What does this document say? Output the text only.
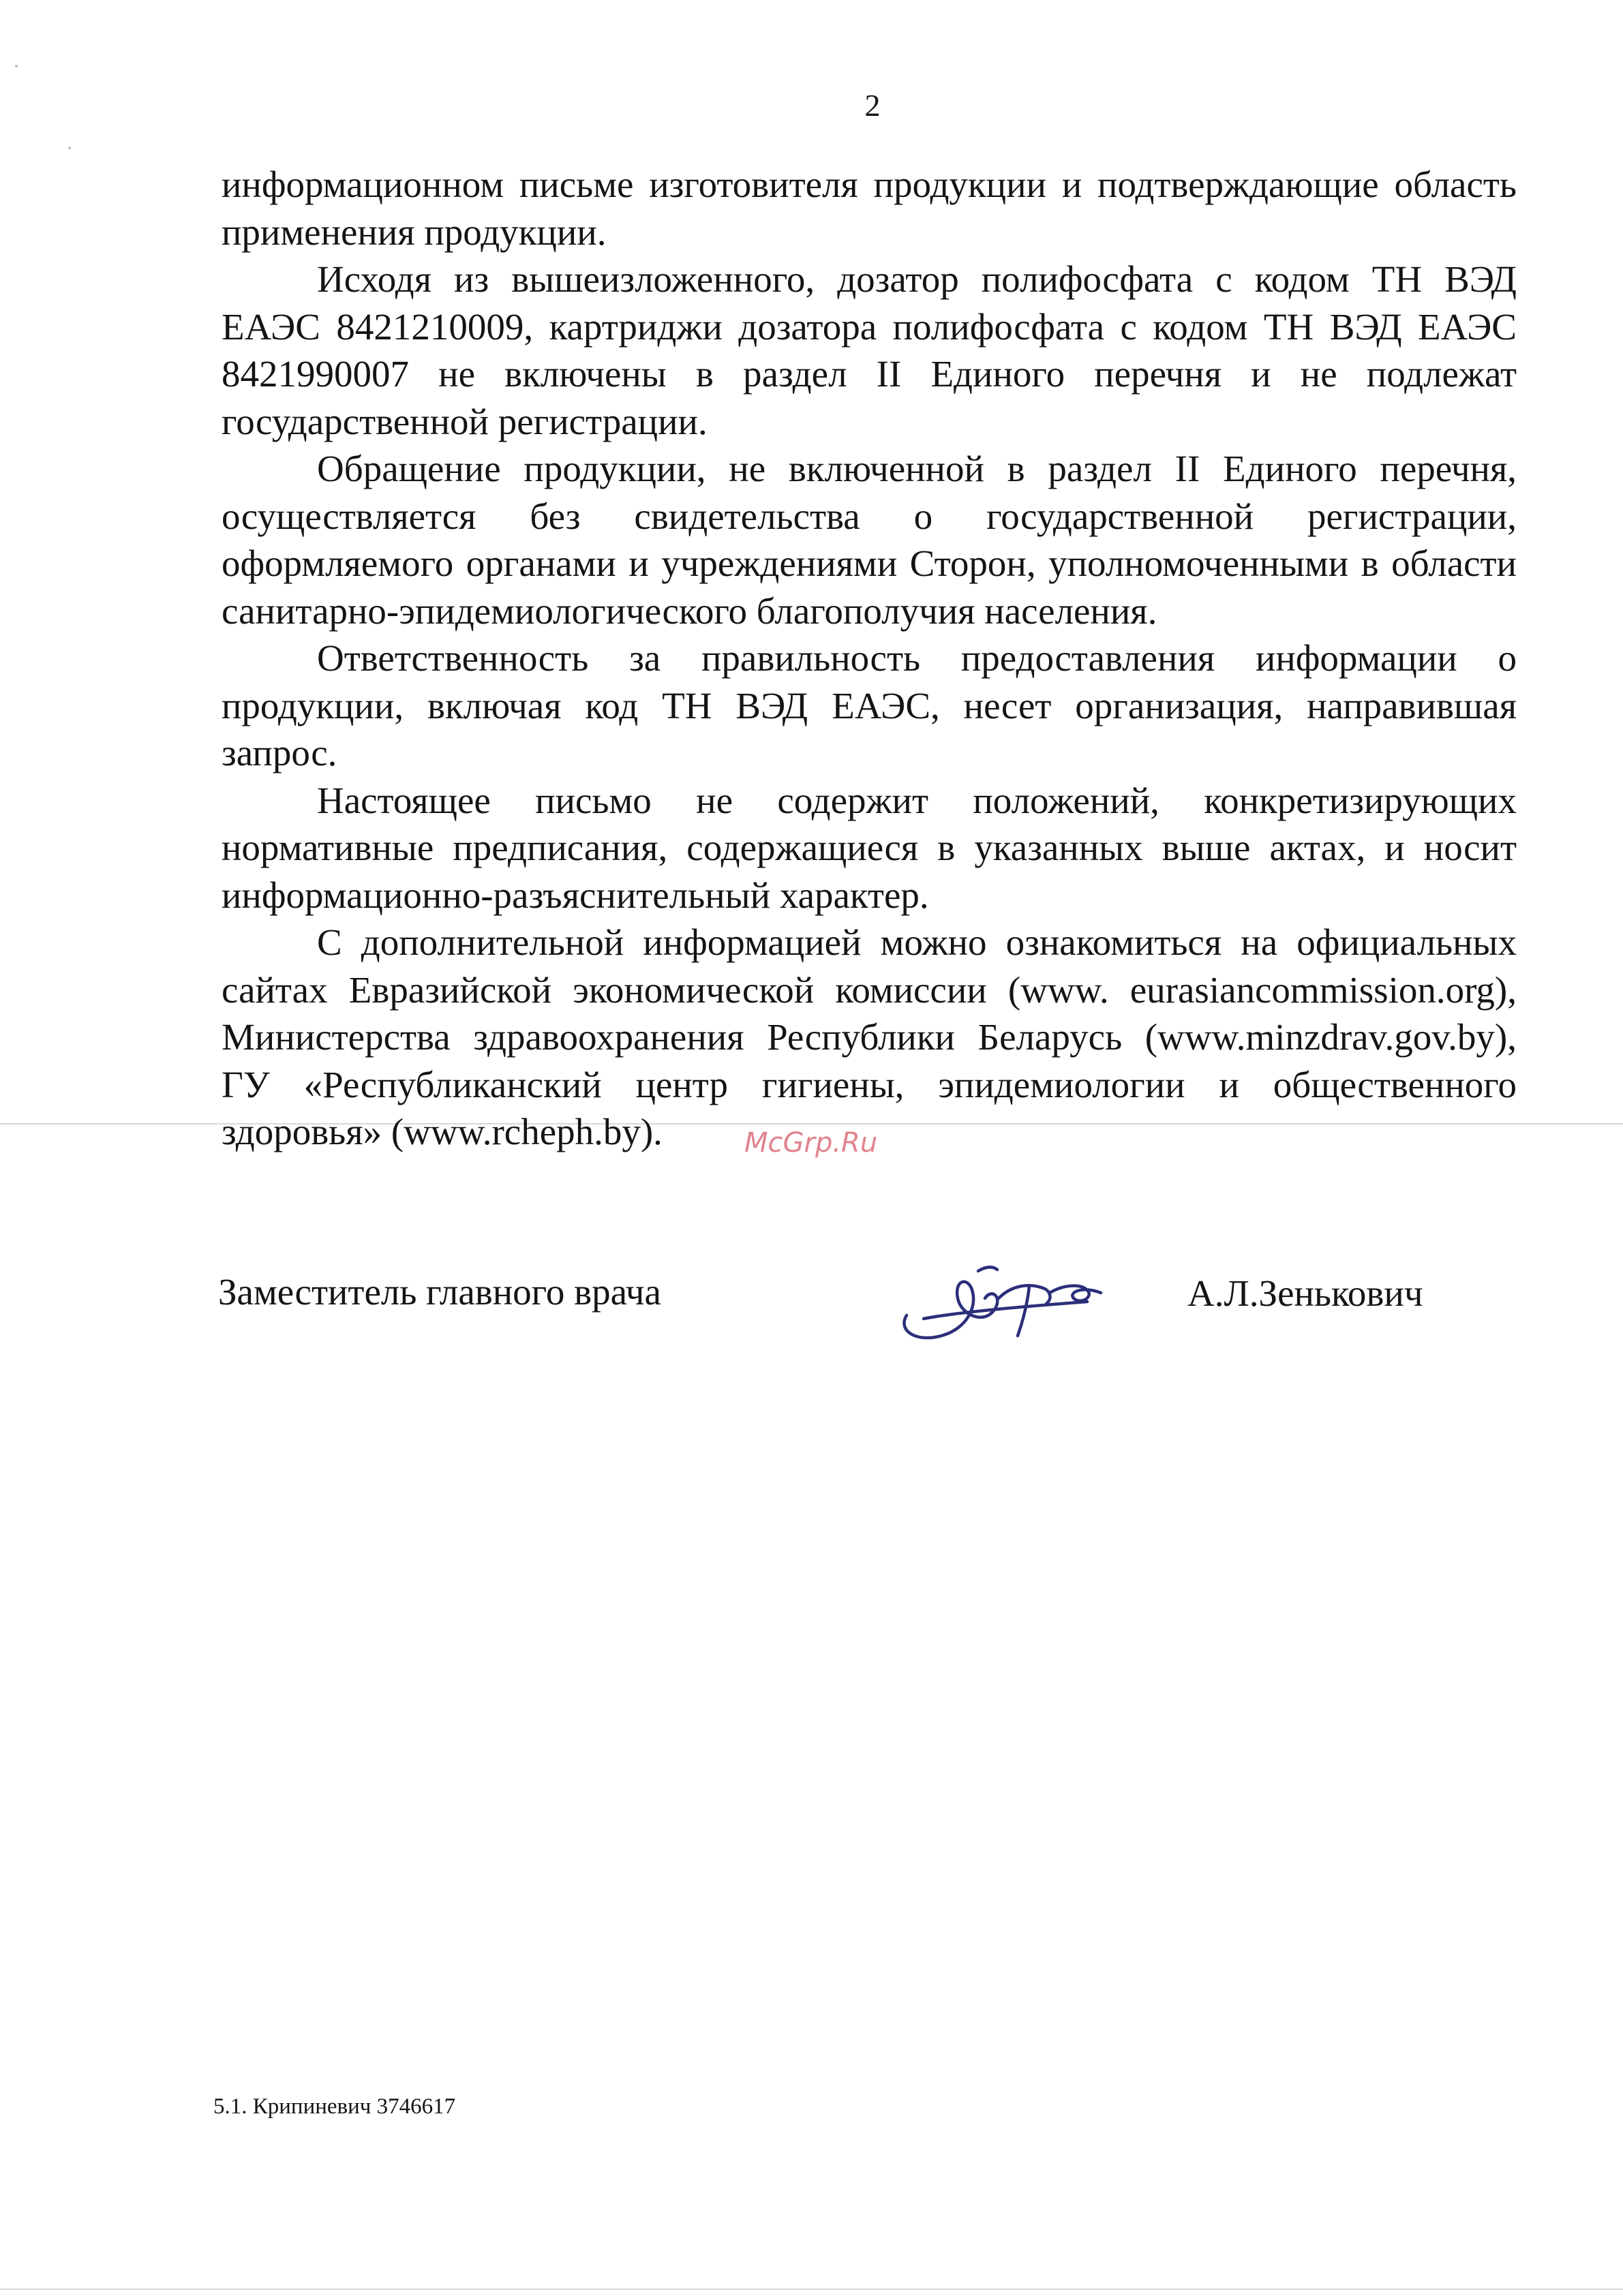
2

информационном письме изготовителя продукции и подтверждающие область применения продукции.

Исходя из вышеизложенного, дозатор полифосфата с кодом ТН ВЭД ЕАЭС 8421210009, картриджи дозатора полифосфата с кодом ТН ВЭД ЕАЭС 8421990007 не включены в раздел II Единого перечня и не подлежат государственной регистрации.

Обращение продукции, не включенной в раздел II Единого перечня, осуществляется без свидетельства о государственной регистрации, оформляемого органами и учреждениями Сторон, уполномоченными в области санитарно-эпидемиологического благополучия населения.

Ответственность за правильность предоставления информации о продукции, включая код ТН ВЭД ЕАЭС, несет организация, направившая запрос.

Настоящее письмо не содержит положений, конкретизирующих нормативные предписания, содержащиеся в указанных выше актах, и носит информационно-разъяснительный характер.

С дополнительной информацией можно ознакомиться на официальных сайтах Евразийской экономической комиссии (www. eurasiancommission.org), Министерства здравоохранения Республики Беларусь (www.minzdrav.gov.by), ГУ «Республиканский центр гигиены, эпидемиологии и общественного здоровья» (www.rcheph.by).	McGrp.Ru
Заместитель главного врача	А.Л.Зенькович
5.1. Крипиневич 3746617
